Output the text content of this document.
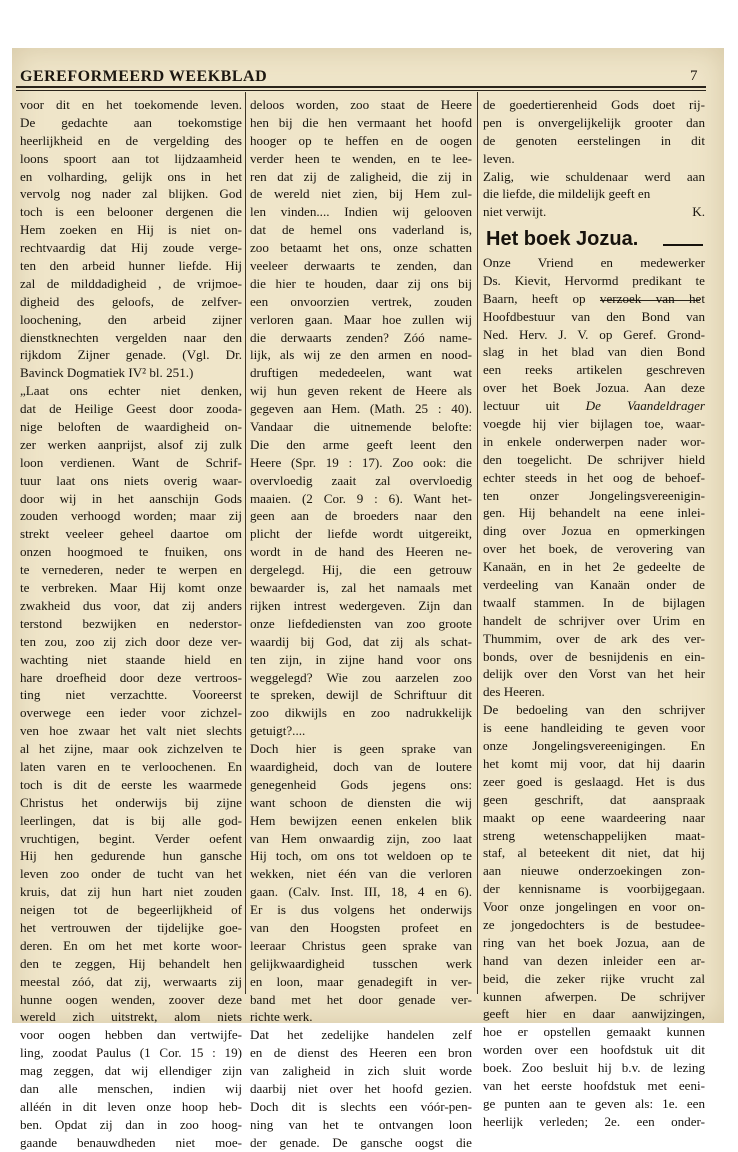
GEREFORMEERD WEEKBLAD	7
voor dit en het toekomende leven.
De gedachte aan toekomstige
heerlijkheid en de vergelding des
loons spoort aan tot lijdzaamheid
en volharding, gelijk ons in het
vervolg nog nader zal blijken. God
toch is een belooner dergenen die
Hem zoeken en Hij is niet on-
rechtvaardig dat Hij zoude verge-
ten den arbeid hunner liefde. Hij
zal de milddadigheid , de vrijmoe-
digheid des geloofs, de zelfver-
loochening, den arbeid zijner
dienstknechten vergelden naar den
rijkdom Zijner genade. (Vgl. Dr.
Bavinck Dogmatiek IV² bl. 251.)
„Laat ons echter niet denken,
dat de Heilige Geest door zooda-
nige beloften de waardigheid on-
zer werken aanprijst, alsof zij zulk
loon verdienen. Want de Schrif-
tuur laat ons niets overig waar-
door wij in het aanschijn Gods
zouden verhoogd worden; maar zij
strekt veeleer geheel daartoe om
onzen hoogmoed te fnuiken, ons
te vernederen, neder te werpen en
te verbreken. Maar Hij komt onze
zwakheid dus voor, dat zij anders
terstond bezwijken en nederstor-
ten zou, zoo zij zich door deze ver-
wachting niet staande hield en
hare droefheid door deze vertroos-
ting niet verzachtte. Vooreerst
overwege een ieder voor zichzel-
ven hoe zwaar het valt niet slechts
al het zijne, maar ook zichzelven te
laten varen en te verloochenen. En
toch is dit de eerste les waarmede
Christus het onderwijs bij zijne
leerlingen, dat is bij alle god-
vruchtigen, begint. Verder oefent
Hij hen gedurende hun gansche
leven zoo onder de tucht van het
kruis, dat zij hun hart niet zouden
neigen tot de begeerlijkheid of
het vertrouwen der tijdelijke goe-
deren. En om het met korte woor-
den te zeggen, Hij behandelt hen
meestal zóó, dat zij, werwaarts zij
hunne oogen wenden, zoover deze
wereld zich uitstrekt, alom niets
voor oogen hebben dan vertwijfe-
ling, zoodat Paulus (1 Cor. 15 : 19)
mag zeggen, dat wij ellendiger zijn
dan alle menschen, indien wij
alléén in dit leven onze hoop heb-
ben. Opdat zij dan in zoo hoog-
gaande benauwdheden niet moe-
deloos worden, zoo staat de Heere
hen bij die hen vermaant het hoofd
hooger op te heffen en de oogen
verder heen te wenden, en te lee-
ren dat zij de zaligheid, die zij in
de wereld niet zien, bij Hem zul-
len vinden.... Indien wij gelooven
dat de hemel ons vaderland is,
zoo betaamt het ons, onze schatten
veeleer derwaarts te zenden, dan
die hier te houden, daar zij ons bij
een onvoorzien vertrek, zouden
verloren gaan. Maar hoe zullen wij
die derwaarts zenden? Zóó name-
lijk, als wij ze den armen en nood-
druftigen mededeelen, want wat
wij hun geven rekent de Heere als
gegeven aan Hem. (Math. 25 : 40).
Vandaar die uitnemende belofte:
Die den arme geeft leent den
Heere (Spr. 19 : 17). Zoo ook: die
overvloedig zaait zal overvloedig
maaien. (2 Cor. 9 : 6). Want het-
geen aan de broeders naar den
plicht der liefde wordt uitgereikt,
wordt in de hand des Heeren ne-
dergelegd. Hij, die een getrouw
bewaarder is, zal het namaals met
rijken intrest wedergeven. Zijn dan
onze liefdediensten van zoo groote
waardij bij God, dat zij als schat-
ten zijn, in zijne hand voor ons
weggelegd? Wie zou aarzelen zoo
te spreken, dewijl de Schriftuur dit
zoo dikwijls en zoo nadrukkelijk
getuigt?....
Doch hier is geen sprake van
waardigheid, doch van de loutere
genegenheid Gods jegens ons:
want schoon de diensten die wij
Hem bewijzen eenen enkelen blik
van Hem onwaardig zijn, zoo laat
Hij toch, om ons tot weldoen op te
wekken, niet één van die verloren
gaan. (Calv. Inst. III, 18, 4 en 6).
Er is dus volgens het onderwijs
van den Hoogsten profeet en
leeraar Christus geen sprake van
gelijkwaardigheid tusschen werk
en loon, maar genadegift in ver-
band met het door genade ver-
richte werk.
Dat het zedelijke handelen zelf
en de dienst des Heeren een bron
van zaligheid in zich sluit worde
daarbij niet over het hoofd gezien.
Doch dit is slechts een vóór-pen-
ning van het te ontvangen loon
der genade. De gansche oogst die
de goedertierenheid Gods doet rij-
pen is onvergelijkelijk grooter dan
de genoten eerstelingen in dit
leven.
Zalig, wie schuldenaar werd aan
die liefde, die mildelijk geeft en
niet verwijt.	K.
Het boek Jozua.
Onze Vriend en medewerker
Ds. Kievit, Hervormd predikant te
Baarn, heeft op verzoek van het
Hoofdbestuur van den Bond van
Ned. Herv. J. V. op Geref. Grond-
slag in het blad van dien Bond
een reeks artikelen geschreven
over het Boek Jozua. Aan deze
lectuur uit De Vaandeldrager
voegde hij vier bijlagen toe, waar-
in enkele onderwerpen nader wor-
den toegelicht. De schrijver hield
echter steeds in het oog de behoef-
ten onzer Jongelingsvereenigin-
gen. Hij behandelt na eene inlei-
ding over Jozua en opmerkingen
over het boek, de verovering van
Kanaän, en in het 2e gedeelte de
verdeeling van Kanaän onder de
twaalf stammen. In de bijlagen
handelt de schrijver over Urim en
Thummim, over de ark des ver-
bonds, over de besnijdenis en ein-
delijk over den Vorst van het heir
des Heeren.
De bedoeling van den schrijver
is eene handleiding te geven voor
onze Jongelingsvereenigingen. En
het komt mij voor, dat hij daarin
zeer goed is geslaagd. Het is dus
geen geschrift, dat aanspraak
maakt op eene waardeering naar
streng wetenschappelijken maat-
staf, al beteekent dit niet, dat hij
aan nieuwe onderzoekingen zon-
der kennisname is voorbijgegaan.
Voor onze jongelingen en voor on-
ze jongedochters is de bestudee-
ring van het boek Jozua, aan de
hand van dezen inleider een ar-
beid, die zeker rijke vrucht zal
kunnen afwerpen. De schrijver
geeft hier en daar aanwijzingen,
hoe er opstellen gemaakt kunnen
worden over een hoofdstuk uit dit
boek. Zoo besluit hij b.v. de lezing
van het eerste hoofdstuk met eeni-
ge punten aan te geven als: 1e. een
heerlijk verleden; 2e. een onder-
